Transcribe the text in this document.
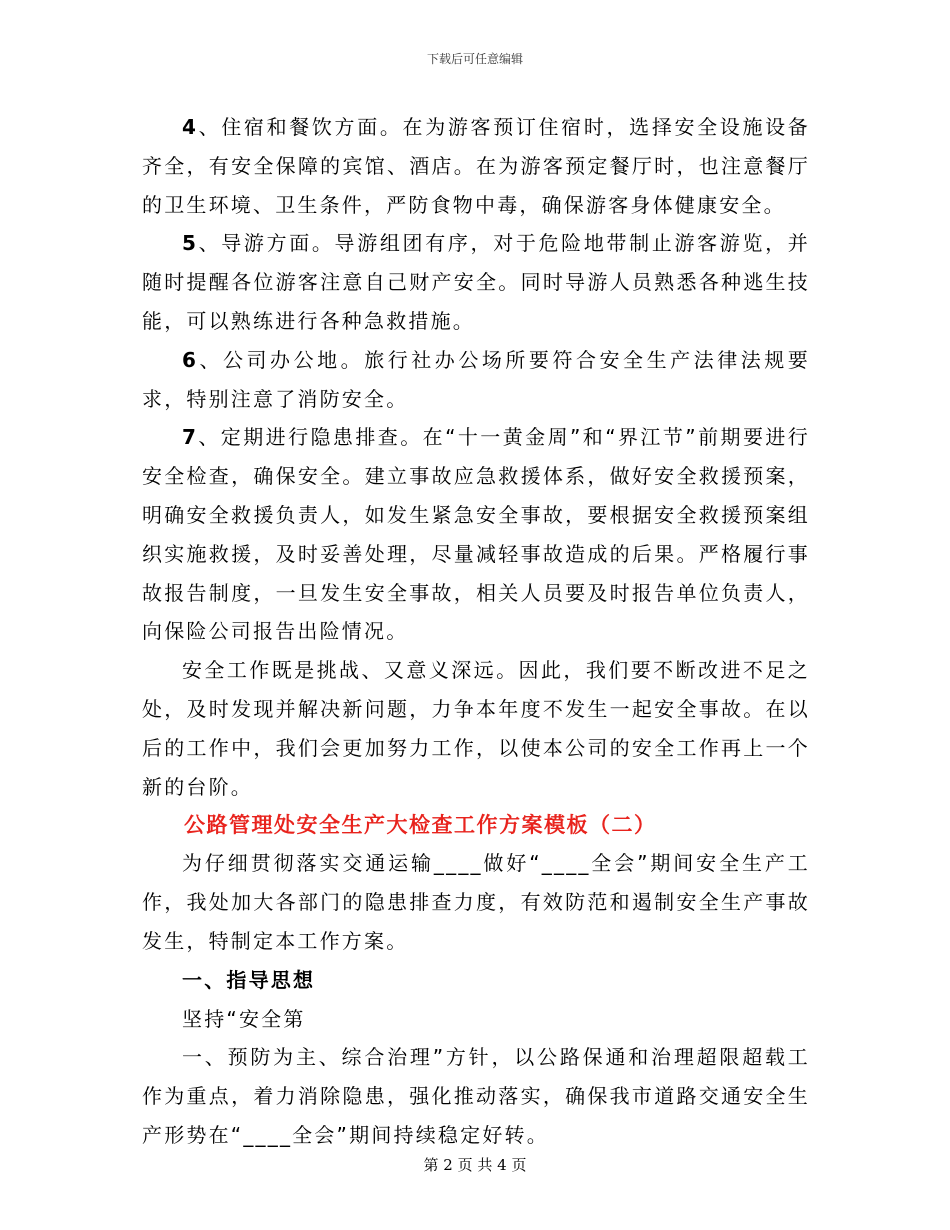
下载后可任意编辑

4、住宿和餐饮方面。在为游客预订住宿时，选择安全设施设备齐全，有安全保障的宾馆、酒店。在为游客预定餐厅时，也注意餐厅的卫生环境、卫生条件，严防食物中毒，确保游客身体健康安全。

5、导游方面。导游组团有序，对于危险地带制止游客游览，并随时提醒各位游客注意自己财产安全。同时导游人员熟悉各种逃生技能，可以熟练进行各种急救措施。

6、公司办公地。旅行社办公场所要符合安全生产法律法规要求，特别注意了消防安全。

7、定期进行隐患排查。在“十一黄金周”和“界江节”前期要进行安全检查，确保安全。建立事故应急救援体系，做好安全救援预案，明确安全救援负责人，如发生紧急安全事故，要根据安全救援预案组织实施救援，及时妥善处理，尽量减轻事故造成的后果。严格履行事故报告制度，一旦发生安全事故，相关人员要及时报告单位负责人，向保险公司报告出险情况。

安全工作既是挑战、又意义深远。因此，我们要不断改进不足之处，及时发现并解决新问题，力争本年度不发生一起安全事故。在以后的工作中，我们会更加努力工作，以使本公司的安全工作再上一个新的台阶。

公路管理处安全生产大检查工作方案模板（二）

为仔细贯彻落实交通运输____做好“____全会”期间安全生产工作，我处加大各部门的隐患排查力度，有效防范和遏制安全生产事故发生，特制定本工作方案。

一、指导思想

坚持“安全第

一、预防为主、综合治理”方针，以公路保通和治理超限超载工作为重点，着力消除隐患，强化推动落实，确保我市道路交通安全生产形势在“____全会”期间持续稳定好转。

第 2 页 共 4 页
